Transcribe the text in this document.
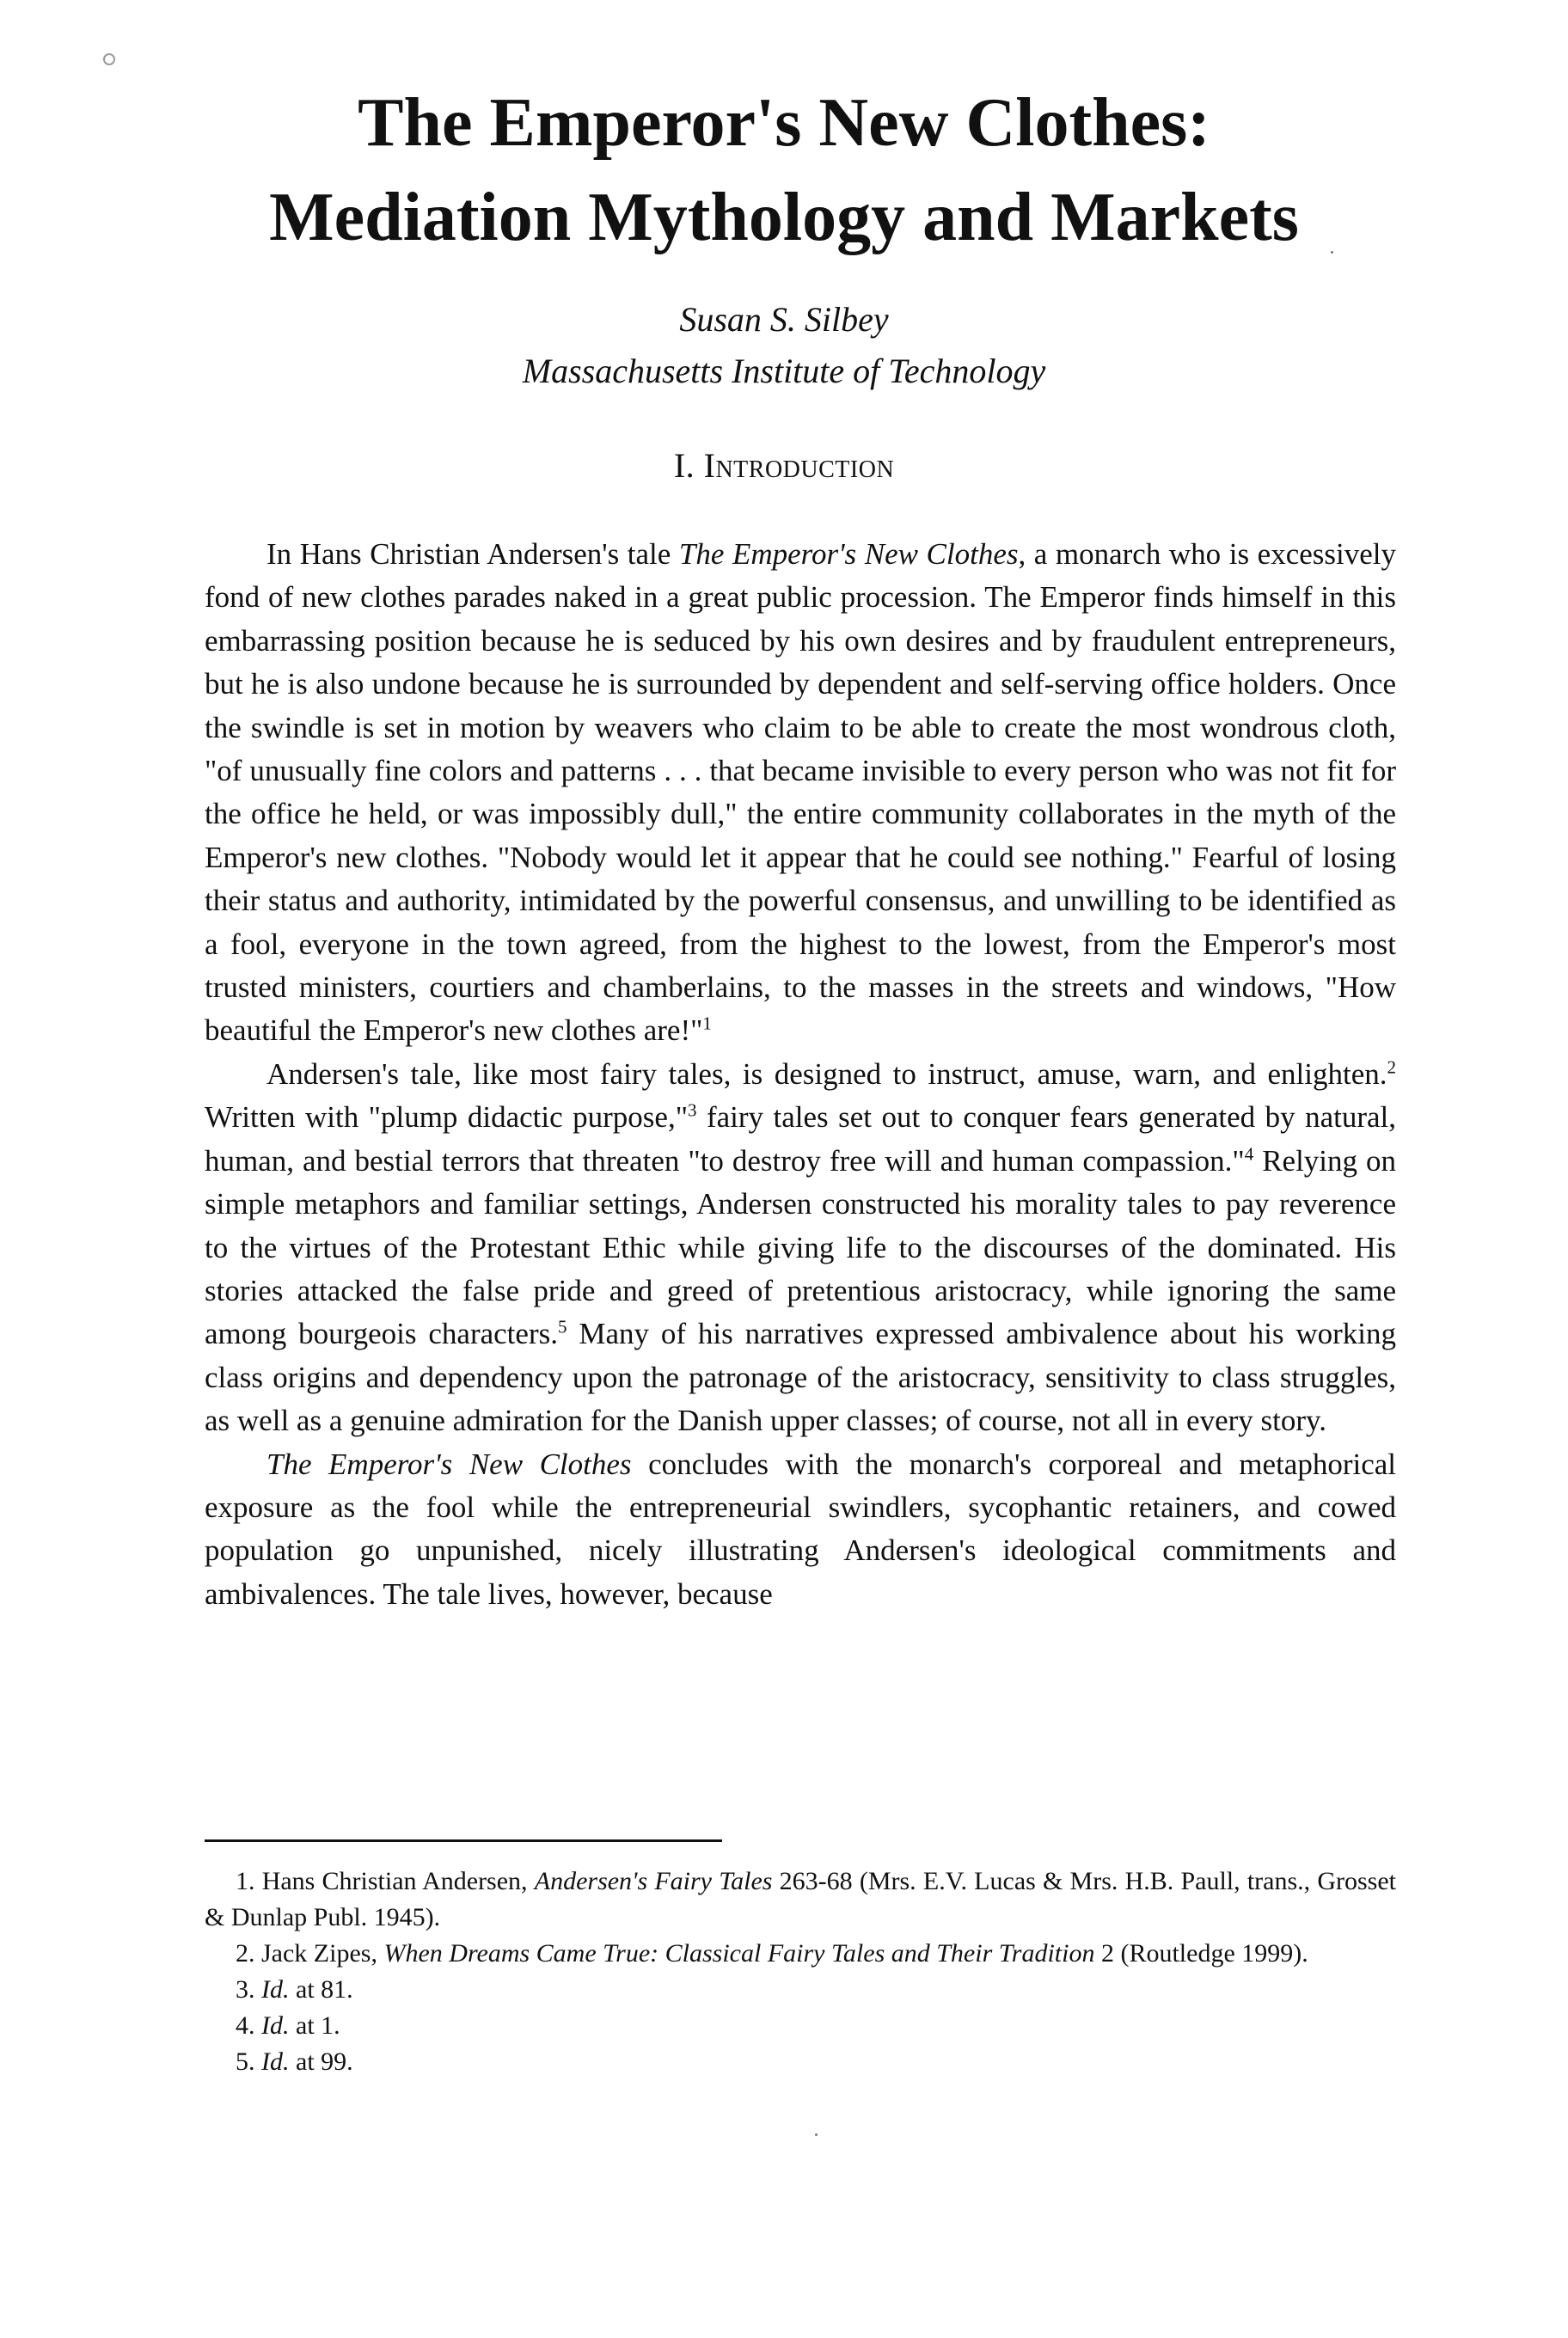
The Emperor's New Clothes:
Mediation Mythology and Markets
Susan S. Silbey
Massachusetts Institute of Technology
I. Introduction

In Hans Christian Andersen's tale The Emperor's New Clothes, a monarch who is excessively fond of new clothes parades naked in a great public procession. The Emperor finds himself in this embarrassing position because he is seduced by his own desires and by fraudulent entrepreneurs, but he is also undone because he is surrounded by dependent and self-serving office holders. Once the swindle is set in motion by weavers who claim to be able to create the most wondrous cloth, "of unusually fine colors and patterns . . . that became invisible to every person who was not fit for the office he held, or was impossibly dull," the entire community collaborates in the myth of the Emperor's new clothes. "Nobody would let it appear that he could see nothing." Fearful of losing their status and authority, intimidated by the powerful consensus, and unwilling to be identified as a fool, everyone in the town agreed, from the highest to the lowest, from the Emperor's most trusted ministers, courtiers and chamberlains, to the masses in the streets and windows, "How beautiful the Emperor's new clothes are!"$^1$

Andersen's tale, like most fairy tales, is designed to instruct, amuse, warn, and enlighten.$^2$ Written with "plump didactic purpose,"$^3$ fairy tales set out to conquer fears generated by natural, human, and bestial terrors that threaten "to destroy free will and human compassion."$^4$ Relying on simple metaphors and familiar settings, Andersen constructed his morality tales to pay reverence to the virtues of the Protestant Ethic while giving life to the discourses of the dominated. His stories attacked the false pride and greed of pretentious aristocracy, while ignoring the same among bourgeois characters.$^5$ Many of his narratives expressed ambivalence about his working class origins and dependency upon the patronage of the aristocracy, sensitivity to class struggles, as well as a genuine admiration for the Danish upper classes; of course, not all in every story.

The Emperor's New Clothes concludes with the monarch's corporeal and metaphorical exposure as the fool while the entrepreneurial swindlers, sycophantic retainers, and cowed population go unpunished, nicely illustrating Andersen's ideological commitments and ambivalences. The tale lives, however, because

1. Hans Christian Andersen, Andersen's Fairy Tales 263-68 (Mrs. E.V. Lucas & Mrs. H.B. Paull, trans., Grosset & Dunlap Publ. 1945).

2. Jack Zipes, When Dreams Came True: Classical Fairy Tales and Their Tradition 2 (Routledge 1999).

3. Id. at 81.

4. Id. at 1.

5. Id. at 99.
